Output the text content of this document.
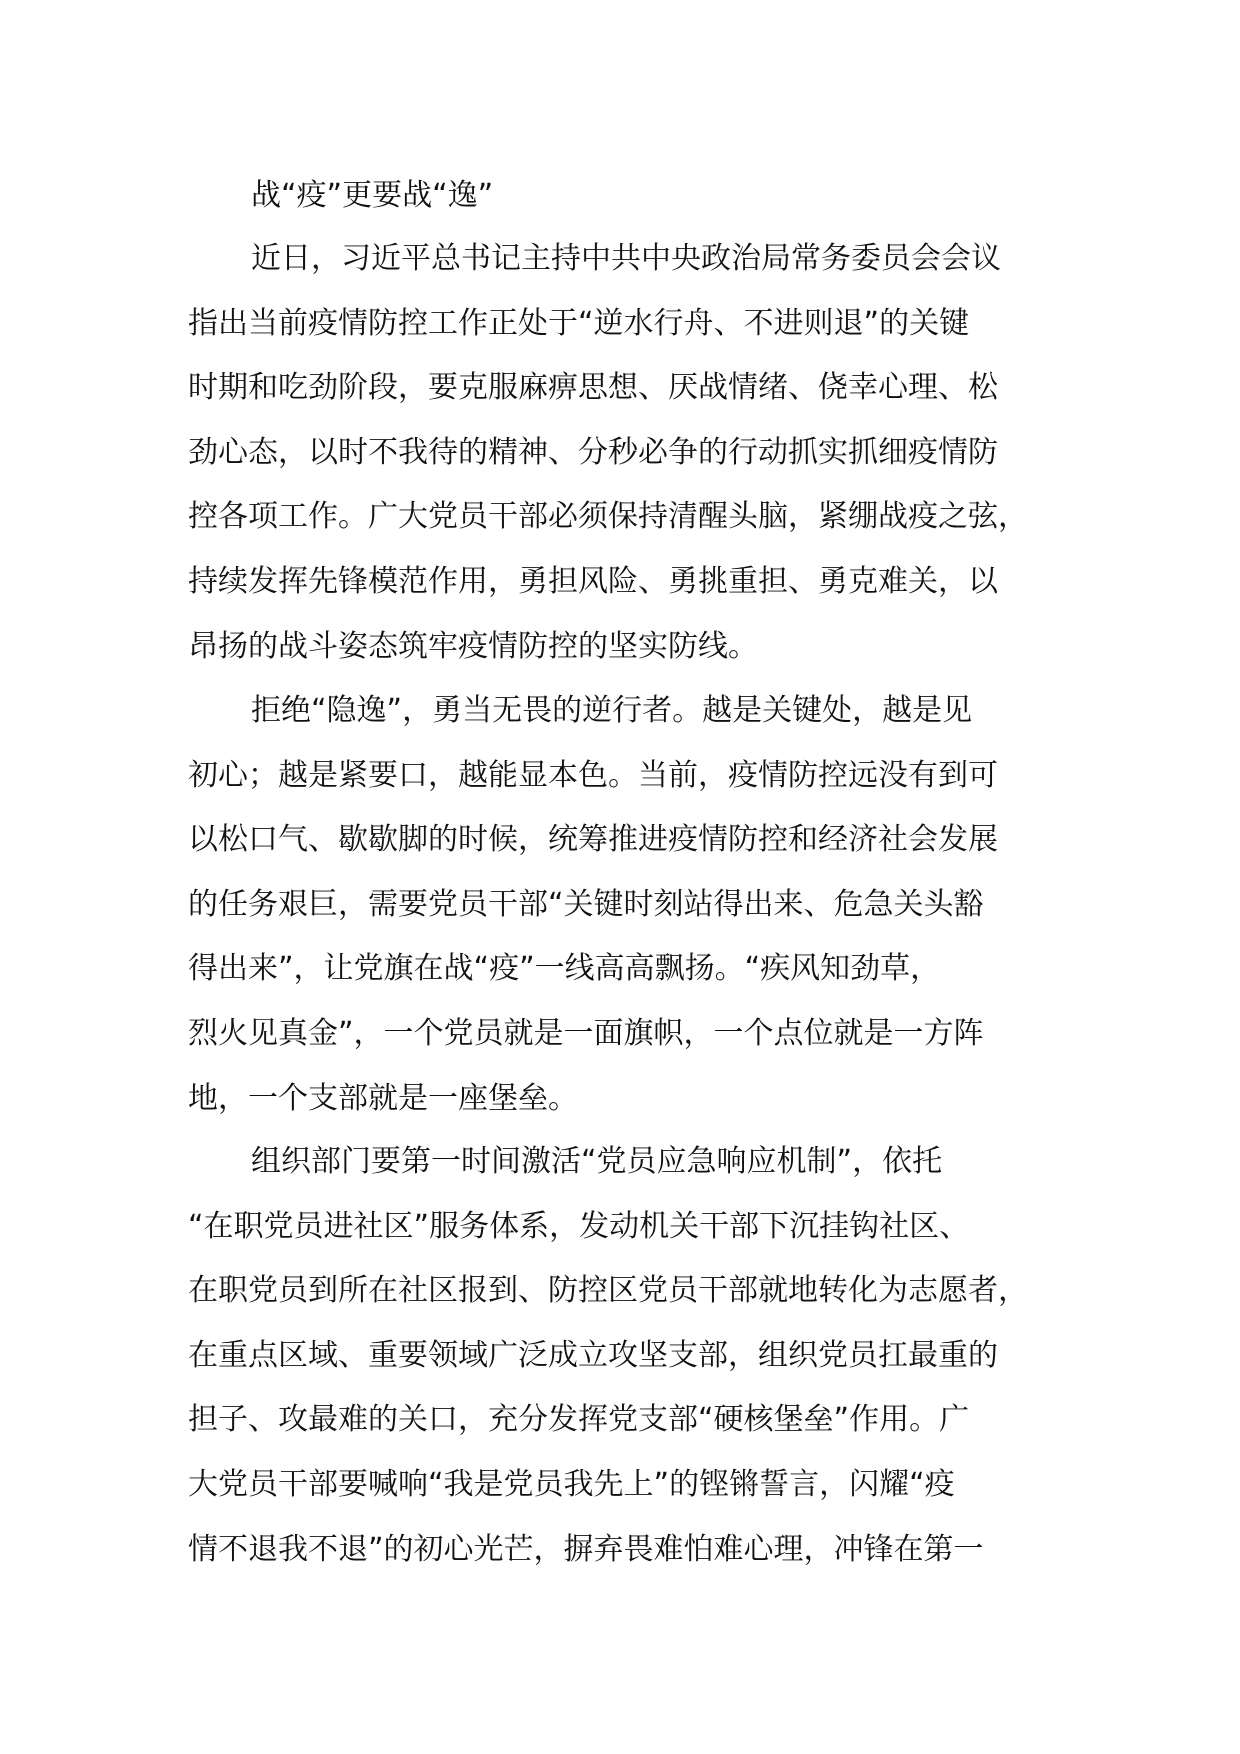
战“疫”更要战“逸”
近日，习近平总书记主持中共中央政治局常务委员会会议
指出当前疫情防控工作正处于“逆水行舟、不进则退”的关键
时期和吃劲阶段，要克服麻痹思想、厌战情绪、侥幸心理、松
劲心态，以时不我待的精神、分秒必争的行动抓实抓细疫情防
控各项工作。广大党员干部必须保持清醒头脑，紧绷战疫之弦，
持续发挥先锋模范作用，勇担风险、勇挑重担、勇克难关，以
昂扬的战斗姿态筑牢疫情防控的坚实防线。
拒绝“隐逸”，勇当无畏的逆行者。越是关键处，越是见
初心；越是紧要口，越能显本色。当前，疫情防控远没有到可
以松口气、歇歇脚的时候，统筹推进疫情防控和经济社会发展
的任务艰巨，需要党员干部“关键时刻站得出来、危急关头豁
得出来”，让党旗在战“疫”一线高高飘扬。“疾风知劲草，
烈火见真金”，一个党员就是一面旗帜，一个点位就是一方阵
地，一个支部就是一座堡垒。
组织部门要第一时间激活“党员应急响应机制”，依托
“在职党员进社区”服务体系，发动机关干部下沉挂钩社区、
在职党员到所在社区报到、防控区党员干部就地转化为志愿者，
在重点区域、重要领域广泛成立攻坚支部，组织党员扛最重的
担子、攻最难的关口，充分发挥党支部“硬核堡垒”作用。广
大党员干部要喊响“我是党员我先上”的铿锵誓言，闪耀“疫
情不退我不退”的初心光芒，摒弃畏难怕难心理，冲锋在第一
